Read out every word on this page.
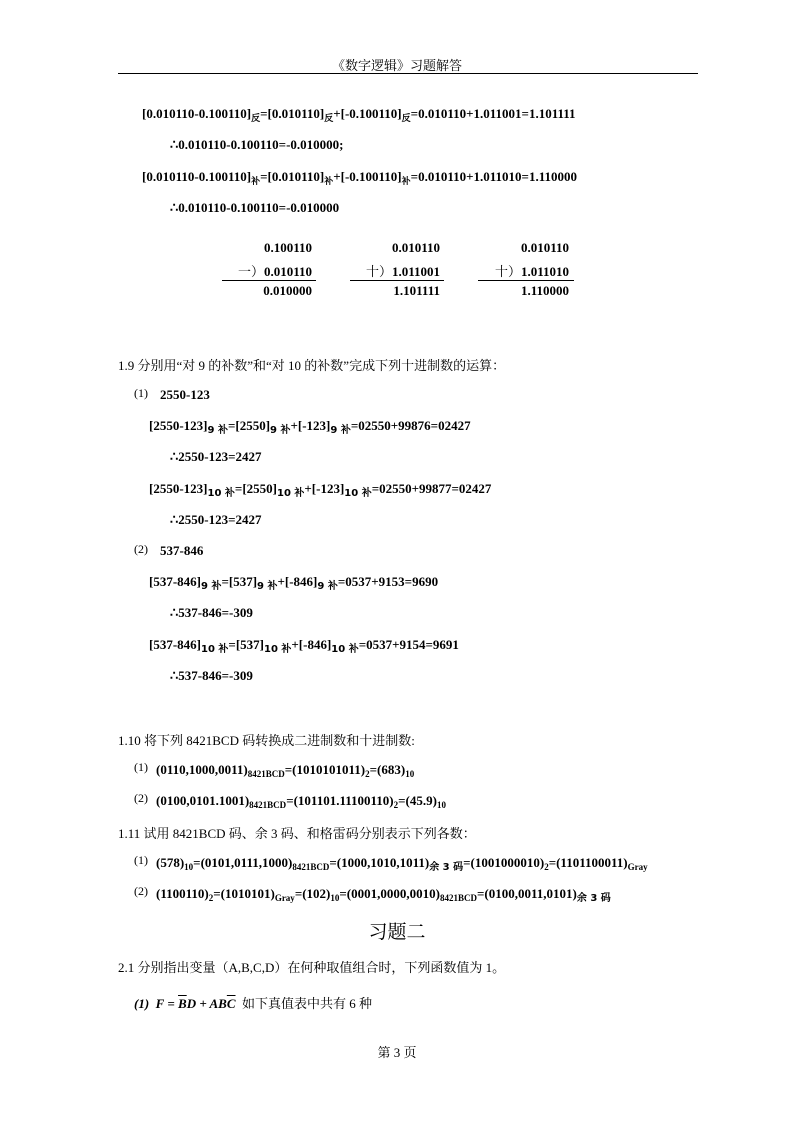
《数字逻辑》习题解答
$[0.010110-0.100110]_反=[0.010110]_反+[-0.100110]_反=0.010110+1.011001=1.101111$
∴0.010110-0.100110=-0.010000;
$[0.010110-0.100110]_补=[0.010110]_补+[-0.100110]_补=0.010110+1.011010=1.110000$
∴0.010110-0.100110=-0.010000
0.100110
一）0.010110
0.010000
0.010110
十）1.011001
1.101111
0.010110
十）1.011010
1.110000
1.9 分别用“对 9 的补数”和“对 10 的补数”完成下列十进制数的运算：
(1) 2550-123
$[2550-123]_{9 补}=[2550]_{9 补}+[-123]_{9 补}=02550+99876=02427$
∴2550-123=2427
$[2550-123]_{10 补}=[2550]_{10 补}+[-123]_{10 补}=02550+99877=02427$
∴2550-123=2427
(2) 537-846
$[537-846]_{9 补}=[537]_{9 补}+[-846]_{9 补}=0537+9153=9690$
∴537-846=-309
$[537-846]_{10 补}=[537]_{10 补}+[-846]_{10 补}=0537+9154=9691$
∴537-846=-309
1.10 将下列 8421BCD 码转换成二进制数和十进制数:
(1) $(0110,1000,0011)_{8421BCD}=(1010101011)_2=(683)_{10}$
(2) $(0100,0101.1001)_{8421BCD}=(101101.11100110)_2=(45.9)_{10}$
1.11 试用 8421BCD 码、余 3 码、和格雷码分别表示下列各数：
(1) $(578)_{10}=(0101,0111,1000)_{8421BCD}=(1000,1010,1011)_{余 3 码}=(1001000010)_2=(1101100011)_{Gray}$
(2) $(1100110)_2=(1010101)_{Gray}=(102)_{10}=(0001,0000,0010)_{8421BCD}=(0100,0011,0101)_{余 3 码}$
习题二
2.1 分别指出变量（A,B,C,D）在何种取值组合时，下列函数值为 1。
(1) $F = \overline{B}D + AB\overline{C}$ 如下真值表中共有 6 种
第 3 页
